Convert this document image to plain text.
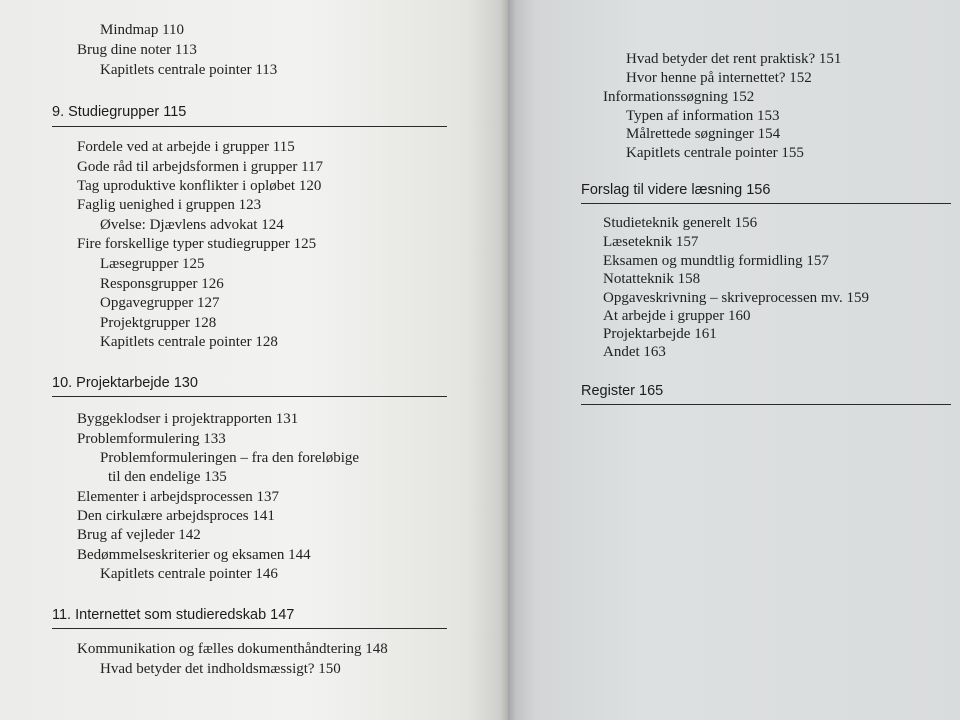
Mindmap 110
Brug dine noter 113
Kapitlets centrale pointer 113
9. Studiegrupper 115
Fordele ved at arbejde i grupper 115
Gode råd til arbejdsformen i grupper 117
Tag uproduktive konflikter i opløbet 120
Faglig uenighed i gruppen 123
Øvelse: Djævlens advokat 124
Fire forskellige typer studiegrupper 125
Læsegrupper 125
Responsgrupper 126
Opgavegrupper 127
Projektgrupper 128
Kapitlets centrale pointer 128
10. Projektarbejde 130
Byggeklodser i projektrapporten 131
Problemformulering 133
Problemformuleringen – fra den foreløbige
til den endelige 135
Elementer i arbejdsprocessen 137
Den cirkulære arbejdsproces 141
Brug af vejleder 142
Bedømmelseskriterier og eksamen 144
Kapitlets centrale pointer 146
11. Internettet som studieredskab 147
Kommunikation og fælles dokumenthåndtering 148
Hvad betyder det indholdsmæssigt? 150
Hvad betyder det rent praktisk? 151
Hvor henne på internettet? 152
Informationssøgning 152
Typen af information 153
Målrettede søgninger 154
Kapitlets centrale pointer 155
Forslag til videre læsning 156
Studieteknik generelt 156
Læseteknik 157
Eksamen og mundtlig formidling 157
Notatteknik 158
Opgaveskrivning – skriveprocessen mv. 159
At arbejde i grupper 160
Projektarbejde 161
Andet 163
Register 165
